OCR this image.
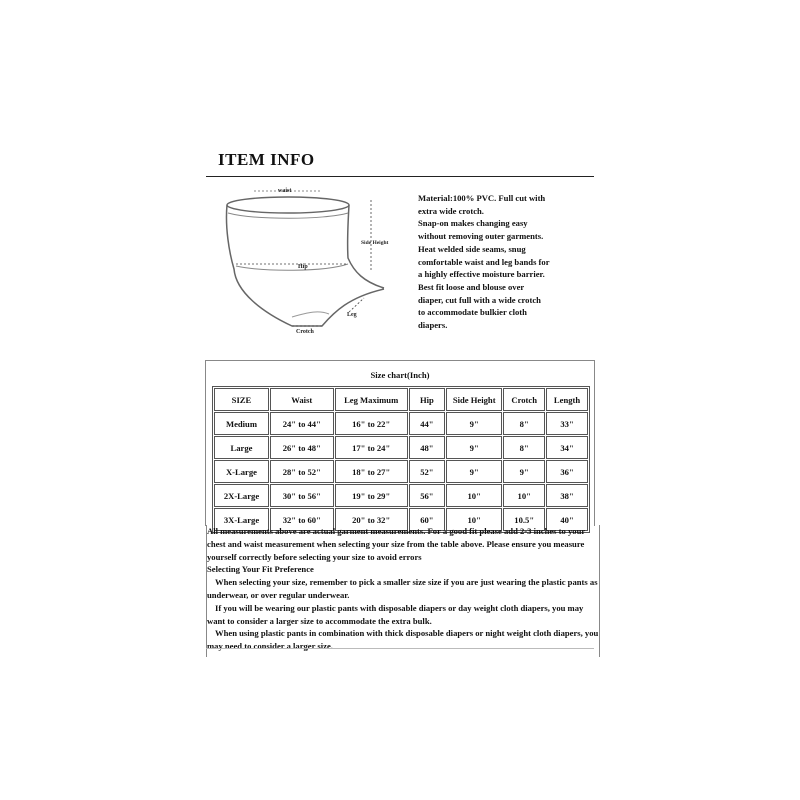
ITEM INFO
waist
Side Height
Hip
Leg
Crotch

Material:100% PVC. Full cut with

extra wide crotch.

Snap-on makes changing easy

without removing outer garments.

Heat welded side seams, snug

comfortable waist and leg bands for

a highly effective moisture barrier.

Best fit loose and blouse over

diaper, cut full with a wide crotch

to accommodate bulkier cloth

diapers.

Size chart(Inch)
SIZE	Waist	Leg Maximum	Hip	Side Height	Crotch	Length
Medium	24" to 44"	16" to 22"	44"	9"	8"	33"
Large	26" to 48"	17" to 24"	48"	9"	8"	34"
X-Large	28" to 52"	18" to 27"	52"	9"	9"	36"
2X-Large	30" to 56"	19" to 29"	56"	10"	10"	38"
3X-Large	32" to 60"	20" to 32"	60"	10"	10.5"	40"

All measurements above are actual garment measurements. For a good fit please add 2-3 inches to your chest and waist measurement when selecting your size from the table above. Please ensure you measure yourself correctly before selecting your size to avoid errors

Selecting Your Fit Preference

When selecting your size, remember to pick a smaller size size if you are just wearing the plastic pants as underwear, or over regular underwear.

If you will be wearing our plastic pants with disposable diapers or day weight cloth diapers, you may want to consider a larger size to accommodate the extra bulk.

When using plastic pants in combination with thick disposable diapers or night weight cloth diapers, you may need to consider a larger size.
